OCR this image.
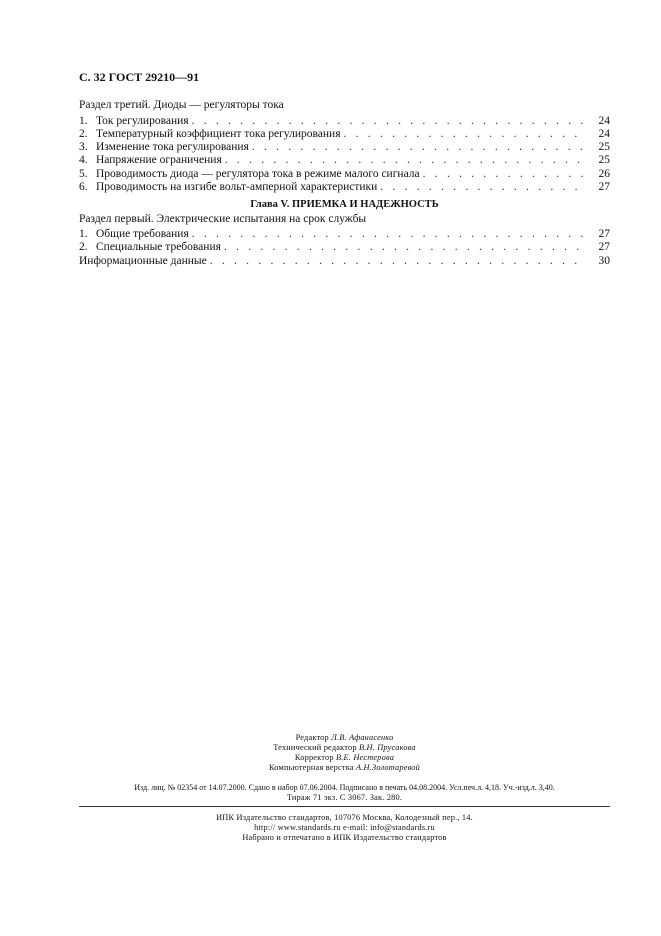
С. 32 ГОСТ 29210—91
Раздел третий. Диоды — регуляторы тока
1. Ток регулирования . . .	24
2. Температурный коэффициент тока регулирования . . .	24
3. Изменение тока регулирования . . .	25
4. Напряжение ограничения . . .	25
5. Проводимость диода — регулятора тока в режиме малого сигнала . . .	26
6. Проводимость на изгибе вольт-амперной характеристики . . .	27
Глава V. ПРИЕМКА И НАДЕЖНОСТЬ
Раздел первый. Электрические испытания на срок службы
1. Общие требования . . .	27
2. Специальные требования . . .	27
Информационные данные . . .	30
Редактор Л.В. Афанасенко
Технический редактор В.Н. Прусакова
Корректор В.Е. Нестерова
Компьютерная верстка А.Н.Золотаревой
Изд. лиц. № 02354 от 14.07.2000. Сдано в набор 07.06.2004. Подписано в печать 04.08.2004. Усл.печ.л. 4,18. Уч.-изд.л. 3,40.
Тираж 71 экз. С 3067. Зак. 280.
ИПК Издательство стандартов, 107076 Москва, Колодезный пер., 14.
http:// www.standards.ru e-mail: info@standards.ru
Набрано и отпечатано в ИПК Издательство стандартов
